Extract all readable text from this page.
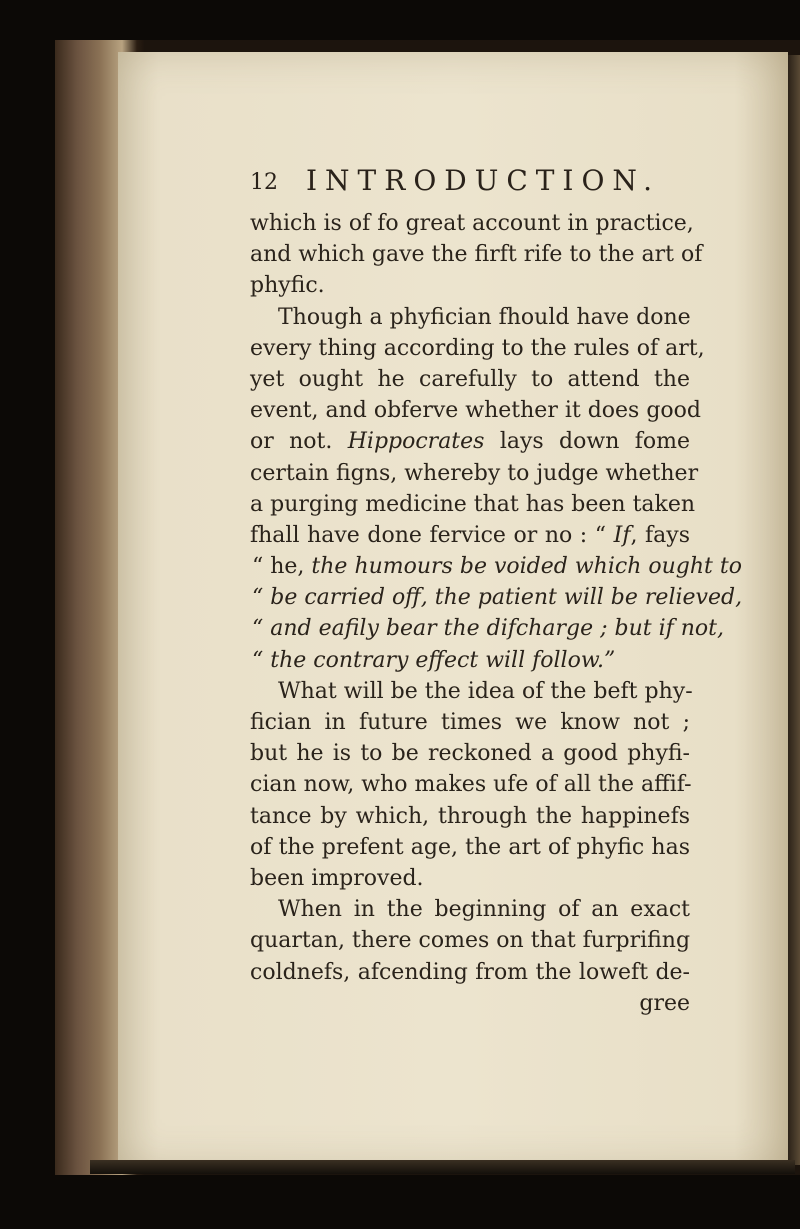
12 INTRODUCTION.
which is of fo great account in practice,
and which gave the firft rife to the art of
phyfic.
Though a phyfician fhould have done
every thing according to the rules of art,
yet ought he carefully to attend the
event, and obferve whether it does good
or not. Hippocrates lays down fome
certain figns, whereby to judge whether
a purging medicine that has been taken
fhall have done fervice or no : “ If, fays
“ he, the humours be voided which ought to
“ be carried off, the patient will be relieved,
“ and eafily bear the difcharge ; but if not,
“ the contrary effect will follow.”
What will be the idea of the beft phy-
fician in future times we know not ;
but he is to be reckoned a good phyfi-
cian now, who makes ufe of all the affif-
tance by which, through the happinefs
of the prefent age, the art of phyfic has
been improved.
When in the beginning of an exact
quartan, there comes on that furprifing
coldnefs, afcending from the loweft de-
gree
